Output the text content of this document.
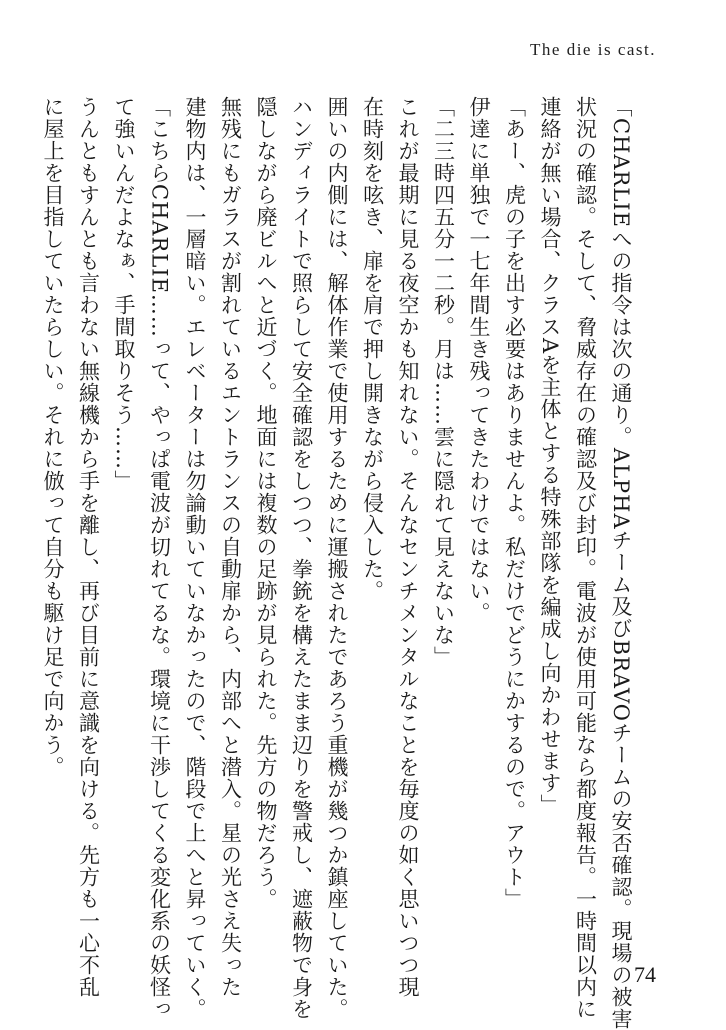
The die is cast.
「CHARLIEへの指令は次の通り。ALPHAチーム及びBRAVOチームの安否確認。現場の被害
状況の確認。そして、脅威存在の確認及び封印。電波が使用可能なら都度報告。一時間以内に
連絡が無い場合、クラスAを主体とする特殊部隊を編成し向かわせます」
「あー、虎の子を出す必要はありませんよ。私だけでどうにかするので。アウト」
伊達に単独で一七年間生き残ってきたわけではない。
「二三時四五分一二秒。月は……雲に隠れて見えないな」
これが最期に見る夜空かも知れない。そんなセンチメンタルなことを毎度の如く思いつつ現
在時刻を呟き、扉を肩で押し開きながら侵入した。
囲いの内側には、解体作業で使用するために運搬されたであろう重機が幾つか鎮座していた。
ハンディライトで照らして安全確認をしつつ、拳銃を構えたまま辺りを警戒し、遮蔽物で身を
隠しながら廃ビルへと近づく。地面には複数の足跡が見られた。先方の物だろう。
無残にもガラスが割れているエントランスの自動扉から、内部へと潜入。星の光さえ失った
建物内は、一層暗い。エレベーターは勿論動いていなかったので、階段で上へと昇っていく。
「こちらCHARLIE……って、やっぱ電波が切れてるな。環境に干渉してくる変化系の妖怪っ
て強いんだよなぁ、手間取りそう……」
うんともすんとも言わない無線機から手を離し、再び目前に意識を向ける。先方も一心不乱
に屋上を目指していたらしい。それに倣って自分も駆け足で向かう。
74
